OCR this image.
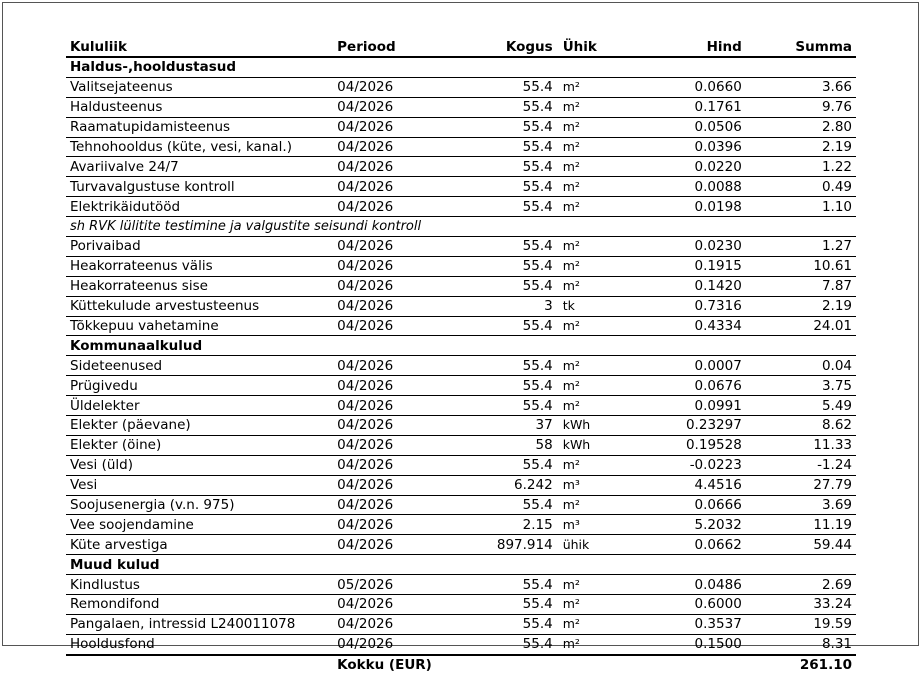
Kululiik	Periood	Kogus	Ühik	Hind	Summa
Haldus-,hooldustasud					
Valitsejateenus	04/2026	55.4	m²	0.0660	3.66
Haldusteenus	04/2026	55.4	m²	0.1761	9.76
Raamatupidamisteenus	04/2026	55.4	m²	0.0506	2.80
Tehnohooldus (küte, vesi, kanal.)	04/2026	55.4	m²	0.0396	2.19
Avariivalve 24/7	04/2026	55.4	m²	0.0220	1.22
Turvavalgustuse kontroll	04/2026	55.4	m²	0.0088	0.49
Elektrikäidutööd	04/2026	55.4	m²	0.0198	1.10
sh RVK lülitite testimine ja valgustite seisundi kontroll					
Porivaibad	04/2026	55.4	m²	0.0230	1.27
Heakorrateenus välis	04/2026	55.4	m²	0.1915	10.61
Heakorrateenus sise	04/2026	55.4	m²	0.1420	7.87
Küttekulude arvestusteenus	04/2026	3	tk	0.7316	2.19
Tõkkepuu vahetamine	04/2026	55.4	m²	0.4334	24.01
Kommunaalkulud					
Sideteenused	04/2026	55.4	m²	0.0007	0.04
Prügivedu	04/2026	55.4	m²	0.0676	3.75
Üldelekter	04/2026	55.4	m²	0.0991	5.49
Elekter (päevane)	04/2026	37	kWh	0.23297	8.62
Elekter (öine)	04/2026	58	kWh	0.19528	11.33
Vesi (üld)	04/2026	55.4	m²	-0.0223	-1.24
Vesi	04/2026	6.242	m³	4.4516	27.79
Soojusenergia (v.n. 975)	04/2026	55.4	m²	0.0666	3.69
Vee soojendamine	04/2026	2.15	m³	5.2032	11.19
Küte arvestiga	04/2026	897.914	ühik	0.0662	59.44
Muud kulud					
Kindlustus	05/2026	55.4	m²	0.0486	2.69
Remondifond	04/2026	55.4	m²	0.6000	33.24
Pangalaen, intressid L240011078	04/2026	55.4	m²	0.3537	19.59
Hooldusfond	04/2026	55.4	m²	0.1500	8.31
	Kokku (EUR)				261.10
